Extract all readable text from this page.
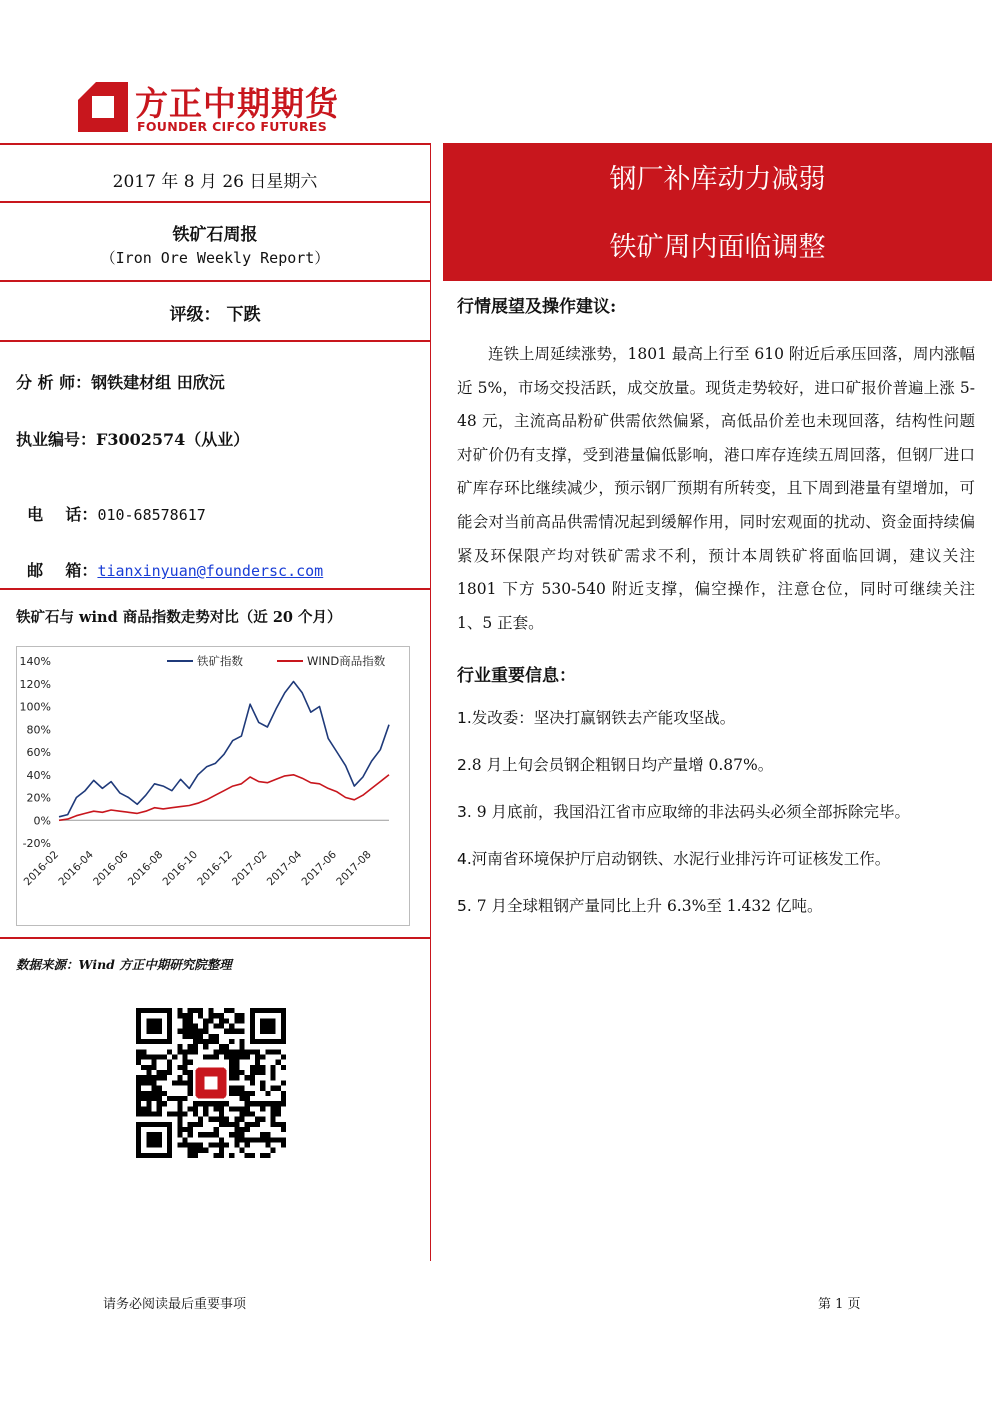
方正中期期货
FOUNDER CIFCO FUTURES
2017 年 8 月 26 日星期六
铁矿石周报
（Iron Ore Weekly Report）
评级： 下跌
分 析 师：钢铁建材组 田欣沅
执业编号：F3002574（从业）

电    话：010-68578617

邮    箱：tianxinyuan@foundersc.com

铁矿石与 wind 商品指数走势对比（近 20 个月）
140%
120%
100%
80%
60%
40%
20%
0%
-20%
2016-02
2016-04
2016-06
2016-08
2016-10
2016-12
2017-02
2017-04
2017-06
2017-08
铁矿指数	WIND商品指数
数据来源：Wind 方正中期研究院整理
钢厂补库动力减弱
铁矿周内面临调整
行情展望及操作建议:
连铁上周延续涨势，1801 最高上行至 610 附近后承压回落，周内涨幅近 5%，市场交投活跃，成交放量。现货走势较好，进口矿报价普遍上涨 5-48 元，主流高品粉矿供需依然偏紧，高低品价差也未现回落，结构性问题对矿价仍有支撑，受到港量偏低影响，港口库存连续五周回落，但钢厂进口矿库存环比继续减少，预示钢厂预期有所转变，且下周到港量有望增加，可能会对当前高品供需情况起到缓解作用，同时宏观面的扰动、资金面持续偏紧及环保限产均对铁矿需求不利，预计本周铁矿将面临回调，建议关注 1801 下方 530-540 附近支撑，偏空操作，注意仓位，同时可继续关注 1、5 正套。
行业重要信息：
1.发改委：坚决打赢钢铁去产能攻坚战。
2.8 月上旬会员钢企粗钢日均产量增 0.87%。
3. 9 月底前，我国沿江省市应取缔的非法码头必须全部拆除完毕。
4.河南省环境保护厅启动钢铁、水泥行业排污许可证核发工作。
5. 7 月全球粗钢产量同比上升 6.3%至 1.432 亿吨。
请务必阅读最后重要事项	第 1 页
